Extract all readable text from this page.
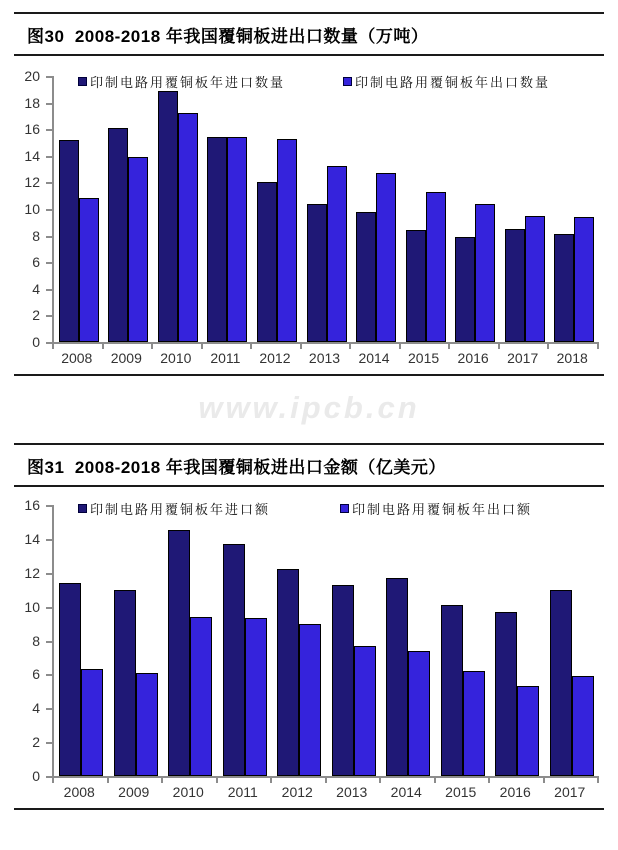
图30  2008-2018 年我国覆铜板进出口数量（万吨）
印制电路用覆铜板年进口数量	印制电路用覆铜板年出口数量
0
2
4
6
8
10
12
14
16
18
20
2008	2009	2010	2011	2012	2013	2014	2015	2016	2017	2018
www.ipcb.cn
图31  2008-2018 年我国覆铜板进出口金额（亿美元）
印制电路用覆铜板年进口额	印制电路用覆铜板年出口额
0
2
4
6
8
10
12
14
16
2008	2009	2010	2011	2012	2013	2014	2015	2016	2017
